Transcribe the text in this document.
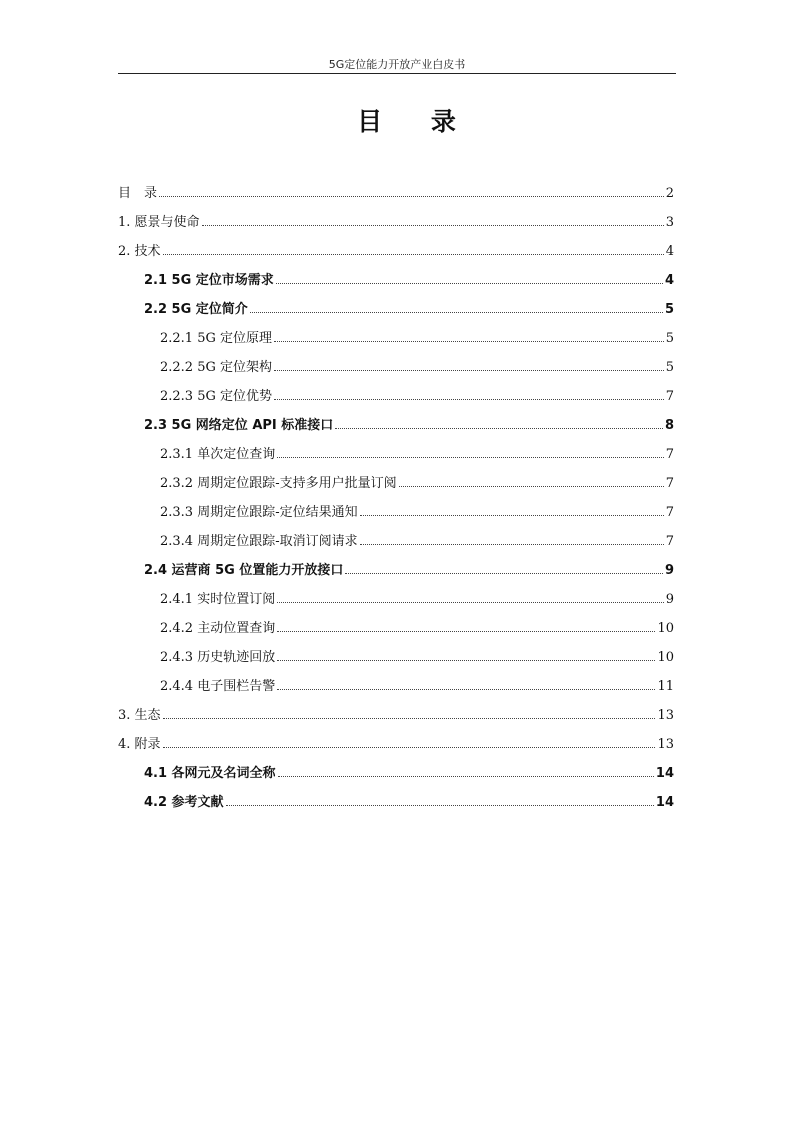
5G定位能力开放产业白皮书
目 录
目　录	2
1. 愿景与使命	3
2. 技术	4
2.1 5G 定位市场需求	4
2.2 5G 定位简介	5
2.2.1 5G 定位原理	5
2.2.2 5G 定位架构	5
2.2.3 5G 定位优势	7
2.3 5G 网络定位 API 标准接口	8
2.3.1 单次定位查询	7
2.3.2 周期定位跟踪-支持多用户批量订阅	7
2.3.3 周期定位跟踪-定位结果通知	7
2.3.4 周期定位跟踪-取消订阅请求	7
2.4 运营商 5G 位置能力开放接口	9
2.4.1 实时位置订阅	9
2.4.2 主动位置查询	10
2.4.3 历史轨迹回放	10
2.4.4 电子围栏告警	11
3. 生态	13
4. 附录	13
4.1 各网元及名词全称	14
4.2 参考文献	14
